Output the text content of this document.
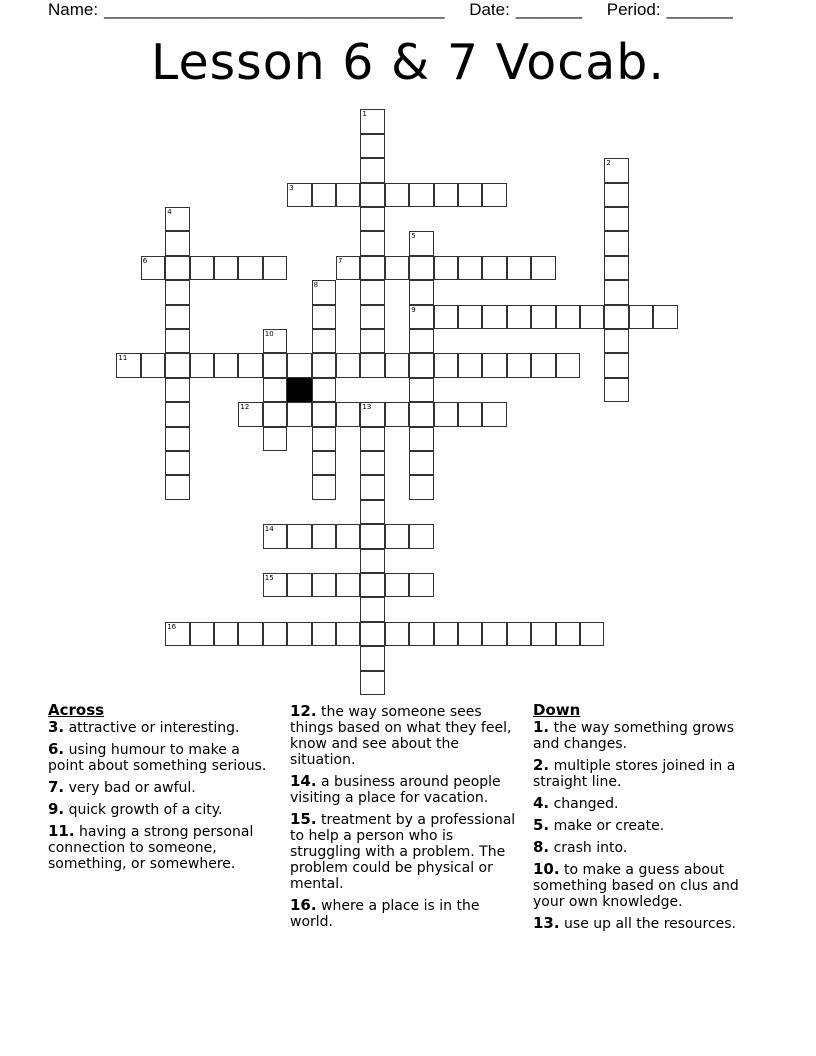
Name: ____________________________________ Date: _______ Period: _______
Lesson 6 & 7 Vocab.
1
2
3
4
5
9
6	7
8
10
11
12	13
14
15
16
Across
3. attractive or interesting.
6. using humour to make a point about something serious.
7. very bad or awful.
9. quick growth of a city.
11. having a strong personal connection to someone, something, or somewhere.
12. the way someone sees things based on what they feel, know and see about the situation.
14. a business around people visiting a place for vacation.
15. treatment by a professional to help a person who is struggling with a problem. The problem could be physical or mental.
16. where a place is in the world.
Down
1. the way something grows and changes.
2. multiple stores joined in a straight line.
4. changed.
5. make or create.
8. crash into.
10. to make a guess about something based on clus and your own knowledge.
13. use up all the resources.
